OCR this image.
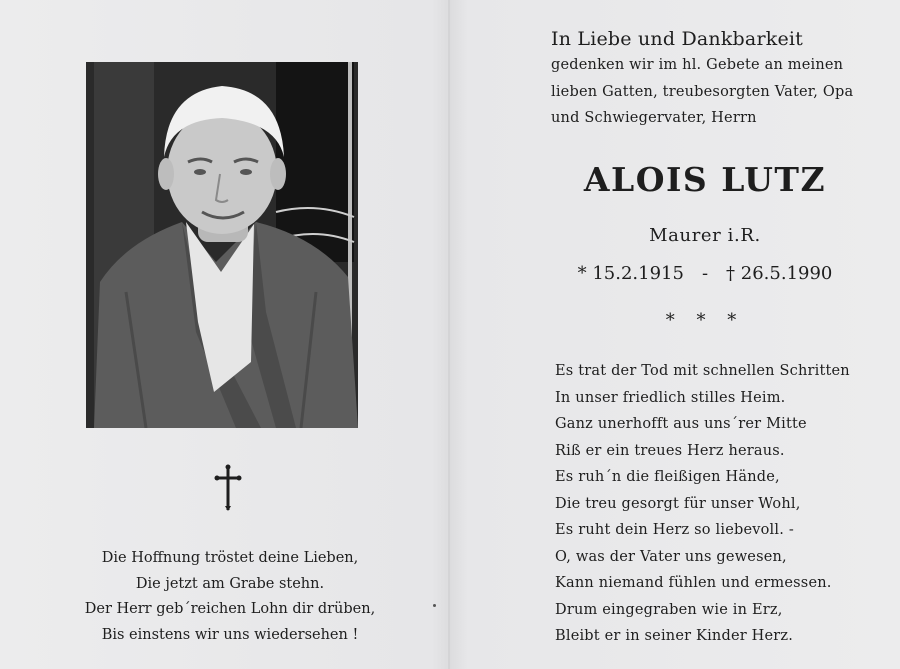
Die Hoffnung tröstet deine Lieben,
Die jetzt am Grabe stehn.
Der Herr geb´reichen Lohn dir drüben,
Bis einstens wir uns wiedersehen !
In Liebe und Dankbarkeit
gedenken wir im hl. Gebete an meinen
lieben Gatten, treubesorgten Vater, Opa
und Schwiegervater, Herrn
ALOIS LUTZ
Maurer i.R.
* 15.2.1915 - † 26.5.1990
* * *
Es trat der Tod mit schnellen Schritten
In unser friedlich stilles Heim.
Ganz unerhofft aus uns´rer Mitte
Riß er ein treues Herz heraus.
Es ruh´n die fleißigen Hände,
Die treu gesorgt für unser Wohl,
Es ruht dein Herz so liebevoll. -
O, was der Vater uns gewesen,
Kann niemand fühlen und ermessen.
Drum eingegraben wie in Erz,
Bleibt er in seiner Kinder Herz.
